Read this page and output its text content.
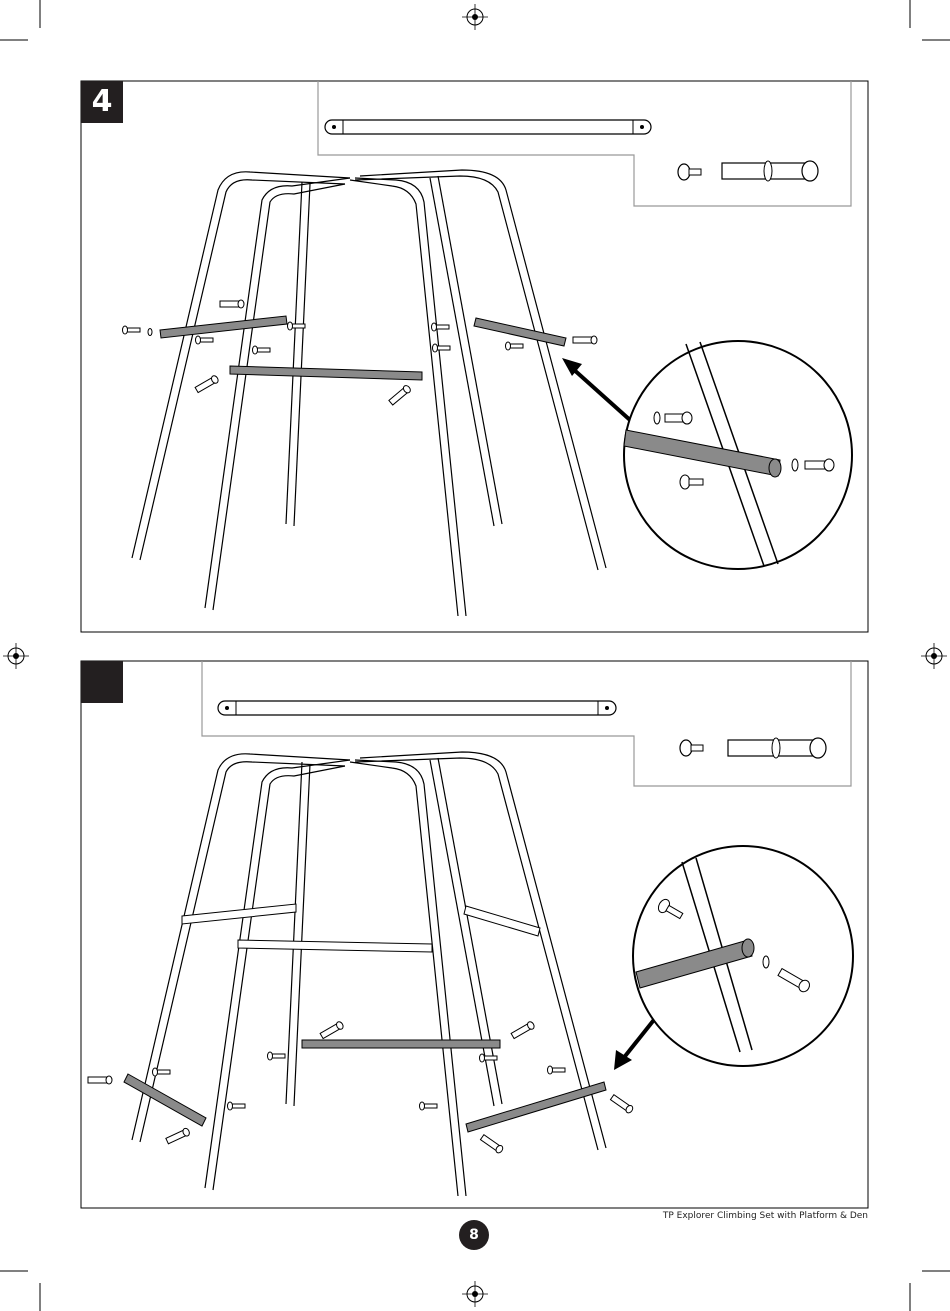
4
TP Explorer Climbing Set with Platform & Den
8
